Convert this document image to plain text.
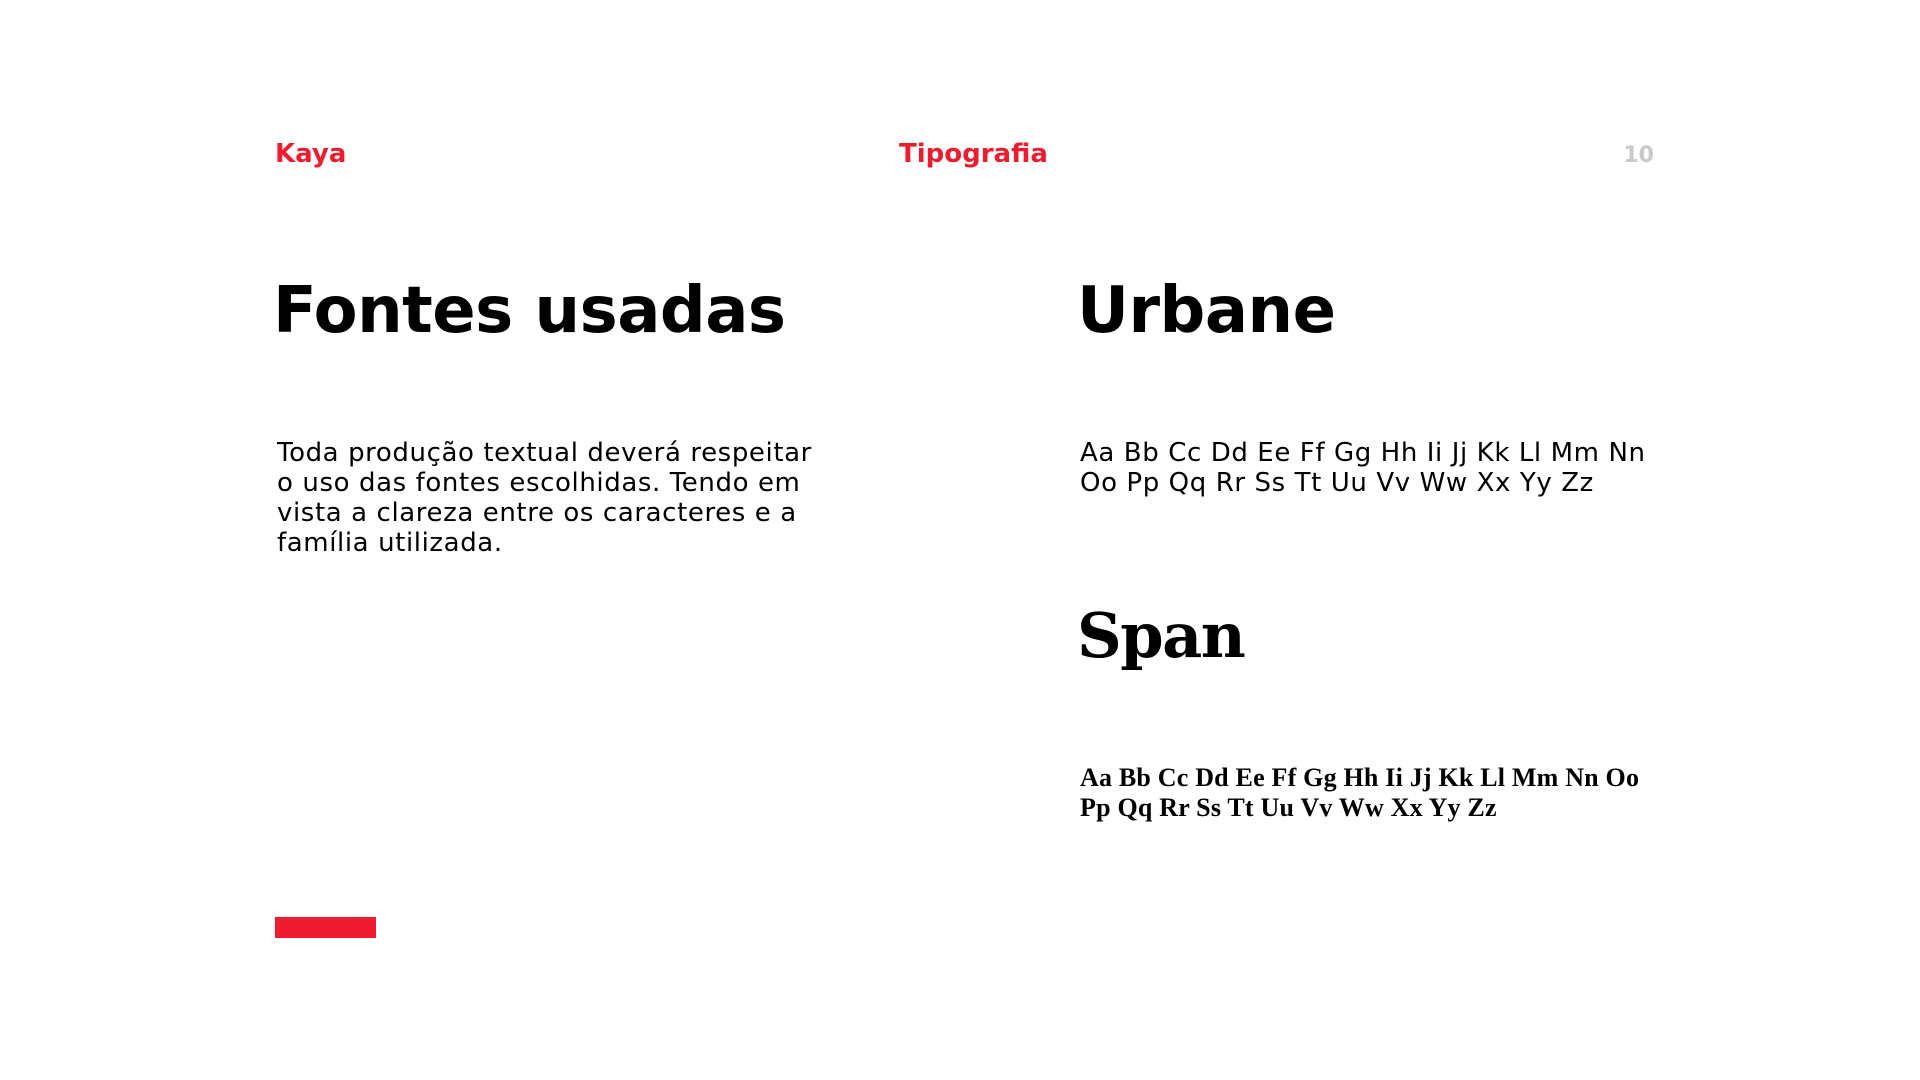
Kaya	Tipografia	10
Fontes usadas
Toda produção textual deverá respeitar
o uso das fontes escolhidas. Tendo em
vista a clareza entre os caracteres e a
família utilizada.
Urbane
Aa Bb Cc Dd Ee Ff Gg Hh Ii Jj Kk Ll Mm Nn
Oo Pp Qq Rr Ss Tt Uu Vv Ww Xx Yy Zz
Span
Aa Bb Cc Dd Ee Ff Gg Hh Ii Jj Kk Ll Mm Nn Oo
Pp Qq Rr Ss Tt Uu Vv Ww Xx Yy Zz
